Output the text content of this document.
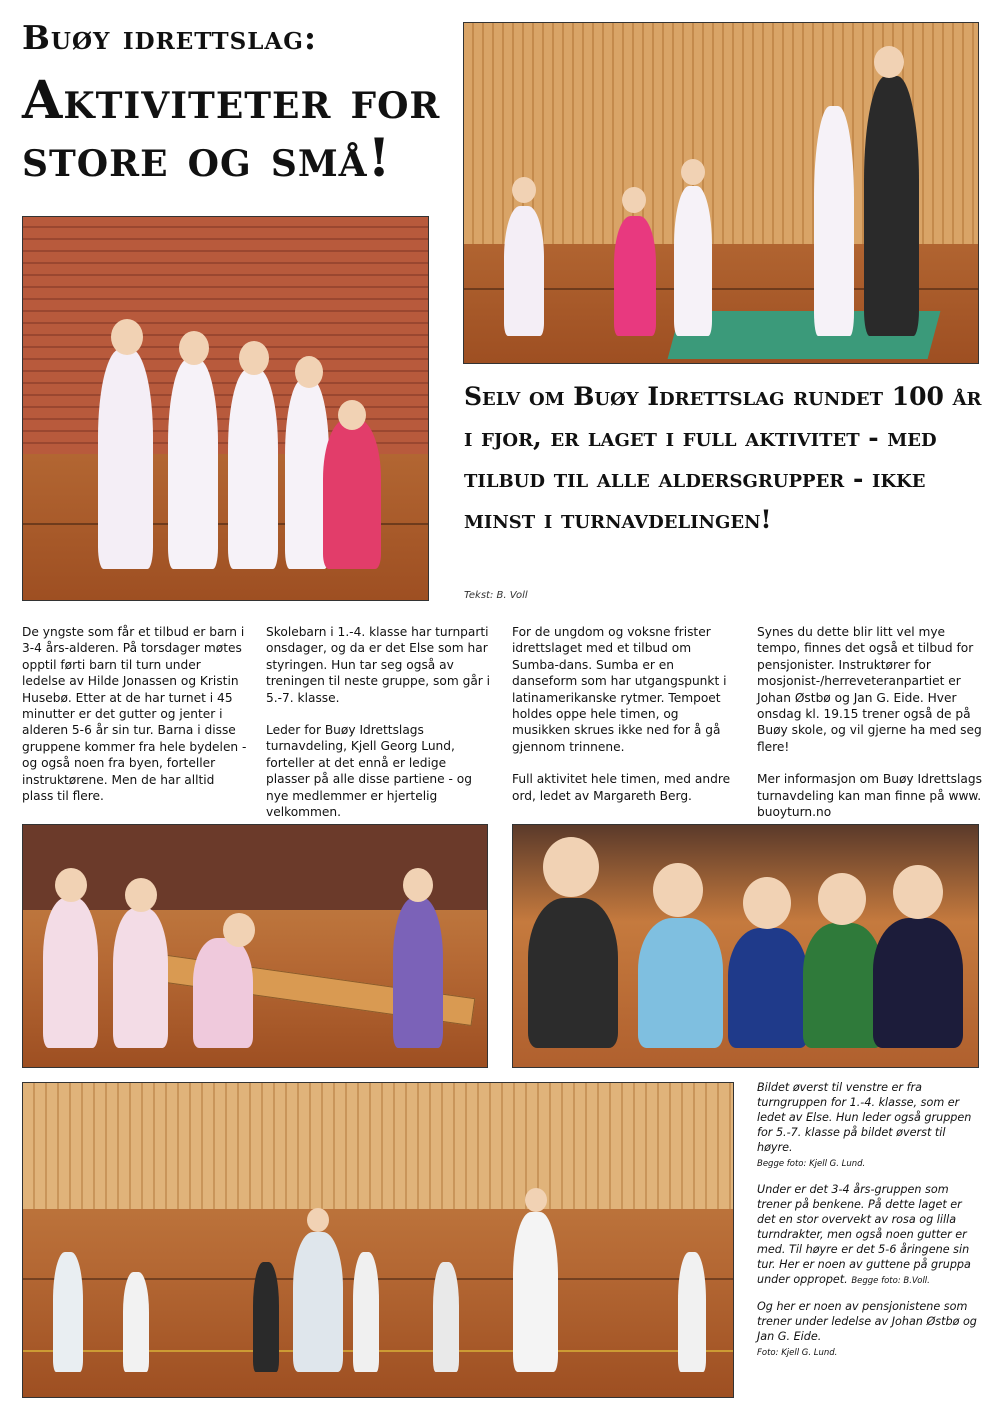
Buøy idrettslag:
Aktiviteter for store og små!
Selv om Buøy Idrettslag rundet 100 år i fjor, er laget i full aktivitet - med tilbud til alle aldersgrupper - ikke minst i turnavdelingen!
Tekst: B. Voll

De yngste som får et tilbud er barn i 3-4 års-alderen. På torsdager møtes opptil førti barn til turn under ledelse av Hilde Jonassen og Kristin Husebø. Etter at de har turnet i 45 minutter er det gutter og jenter i alderen 5-6 år sin tur. Barna i disse gruppene kommer fra hele bydelen - og også noen fra byen, forteller instruktørene. Men de har alltid plass til flere.

Skolebarn i 1.-4. klasse har turnparti onsdager, og da er det Else som har styringen. Hun tar seg også av treningen til neste gruppe, som går i 5.-7. klasse.

Leder for Buøy Idrettslags turnavdeling, Kjell Georg Lund, forteller at det ennå er ledige plasser på alle disse partiene - og nye medlemmer er hjertelig velkommen.

For de ungdom og voksne frister idrettslaget med et tilbud om Sumba-dans. Sumba er en danseform som har utgangspunkt i latinamerikanske rytmer. Tempoet holdes oppe hele timen, og musikken skrues ikke ned for å gå gjennom trinnene.

Full aktivitet hele timen, med andre ord, ledet av Margareth Berg.

Synes du dette blir litt vel mye tempo, finnes det også et tilbud for pensjonister. Instruktører for mosjonist-/herreveteranpartiet er Johan Østbø og Jan G. Eide. Hver onsdag kl. 19.15 trener også de på Buøy skole, og vil gjerne ha med seg flere!

Mer informasjon om Buøy Idrettslags turnavdeling kan man finne på www. buoyturn.no

Bildet øverst til venstre er fra turngruppen for 1.-4. klasse, som er ledet av Else. Hun leder også gruppen for 5.-7. klasse på bildet øverst til høyre.
Begge foto: Kjell G. Lund.

Under er det 3-4 års-gruppen som trener på benkene. På dette laget er det en stor overvekt av rosa og lilla turndrakter, men også noen gutter er med. Til høyre er det 5-6 åringene sin tur. Her er noen av guttene på gruppa under oppropet. Begge foto: B.Voll.

Og her er noen av pensjonistene som trener under ledelse av Johan Østbø og Jan G. Eide.
Foto: Kjell G. Lund.
